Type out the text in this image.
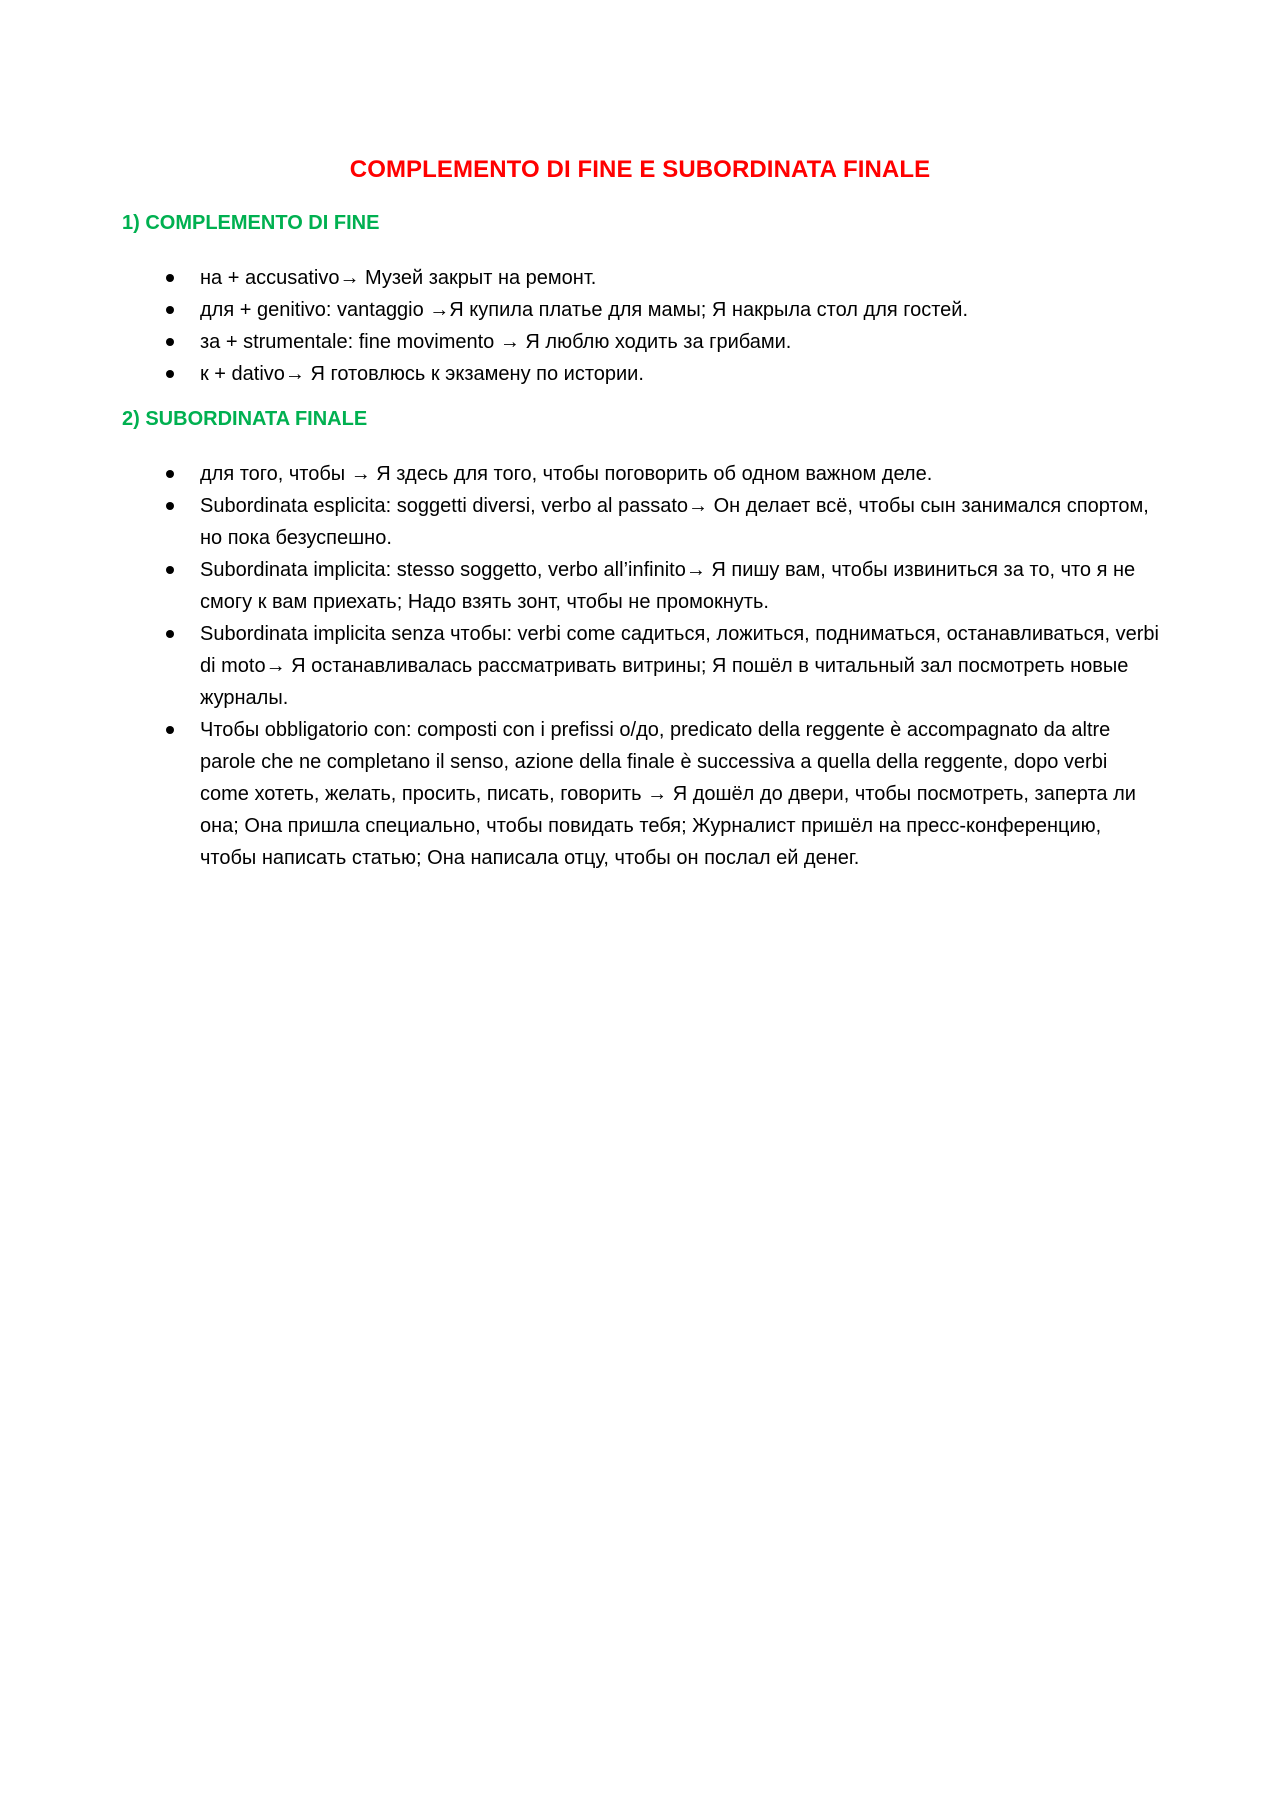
COMPLEMENTO DI FINE E SUBORDINATA FINALE
1) COMPLEMENTO DI FINE
на + accusativo→ Музей закрыт на ремонт.
для + genitivo: vantaggio →Я купила платье для мамы; Я накрыла стол для гостей.
за + strumentale: fine movimento → Я люблю ходить за грибами.
к + dativo→ Я готовлюсь к экзамену по истории.
2) SUBORDINATA FINALE
для того, чтобы → Я здесь для того, чтобы поговорить об одном важном деле.
Subordinata esplicita: soggetti diversi, verbo al passato→ Он делает всё, чтобы сын занимался спортом, но пока безуспешно.
Subordinata implicita: stesso soggetto, verbo all’infinito→ Я пишу вам, чтобы извиниться за то, что я не смогу к вам приехать; Надо взять зонт, чтобы не промокнуть.
Subordinata implicita senza чтобы: verbi come садиться, ложиться, подниматься, останавливаться, verbi di moto→ Я останавливалась рассматривать витрины; Я пошёл в читальный зал посмотреть новые журналы.
Чтобы obbligatorio con: composti con i prefissi о/до, predicato della reggente è accompagnato da altre parole che ne completano il senso, azione della finale è successiva a quella della reggente, dopo verbi come хотеть, желать, просить, писать, говорить → Я дошёл до двери, чтобы посмотреть, заперта ли она; Она пришла специально, чтобы повидать тебя; Журналист пришёл на пресс-конференцию, чтобы написать статью; Она написала отцу, чтобы он послал ей денег.
